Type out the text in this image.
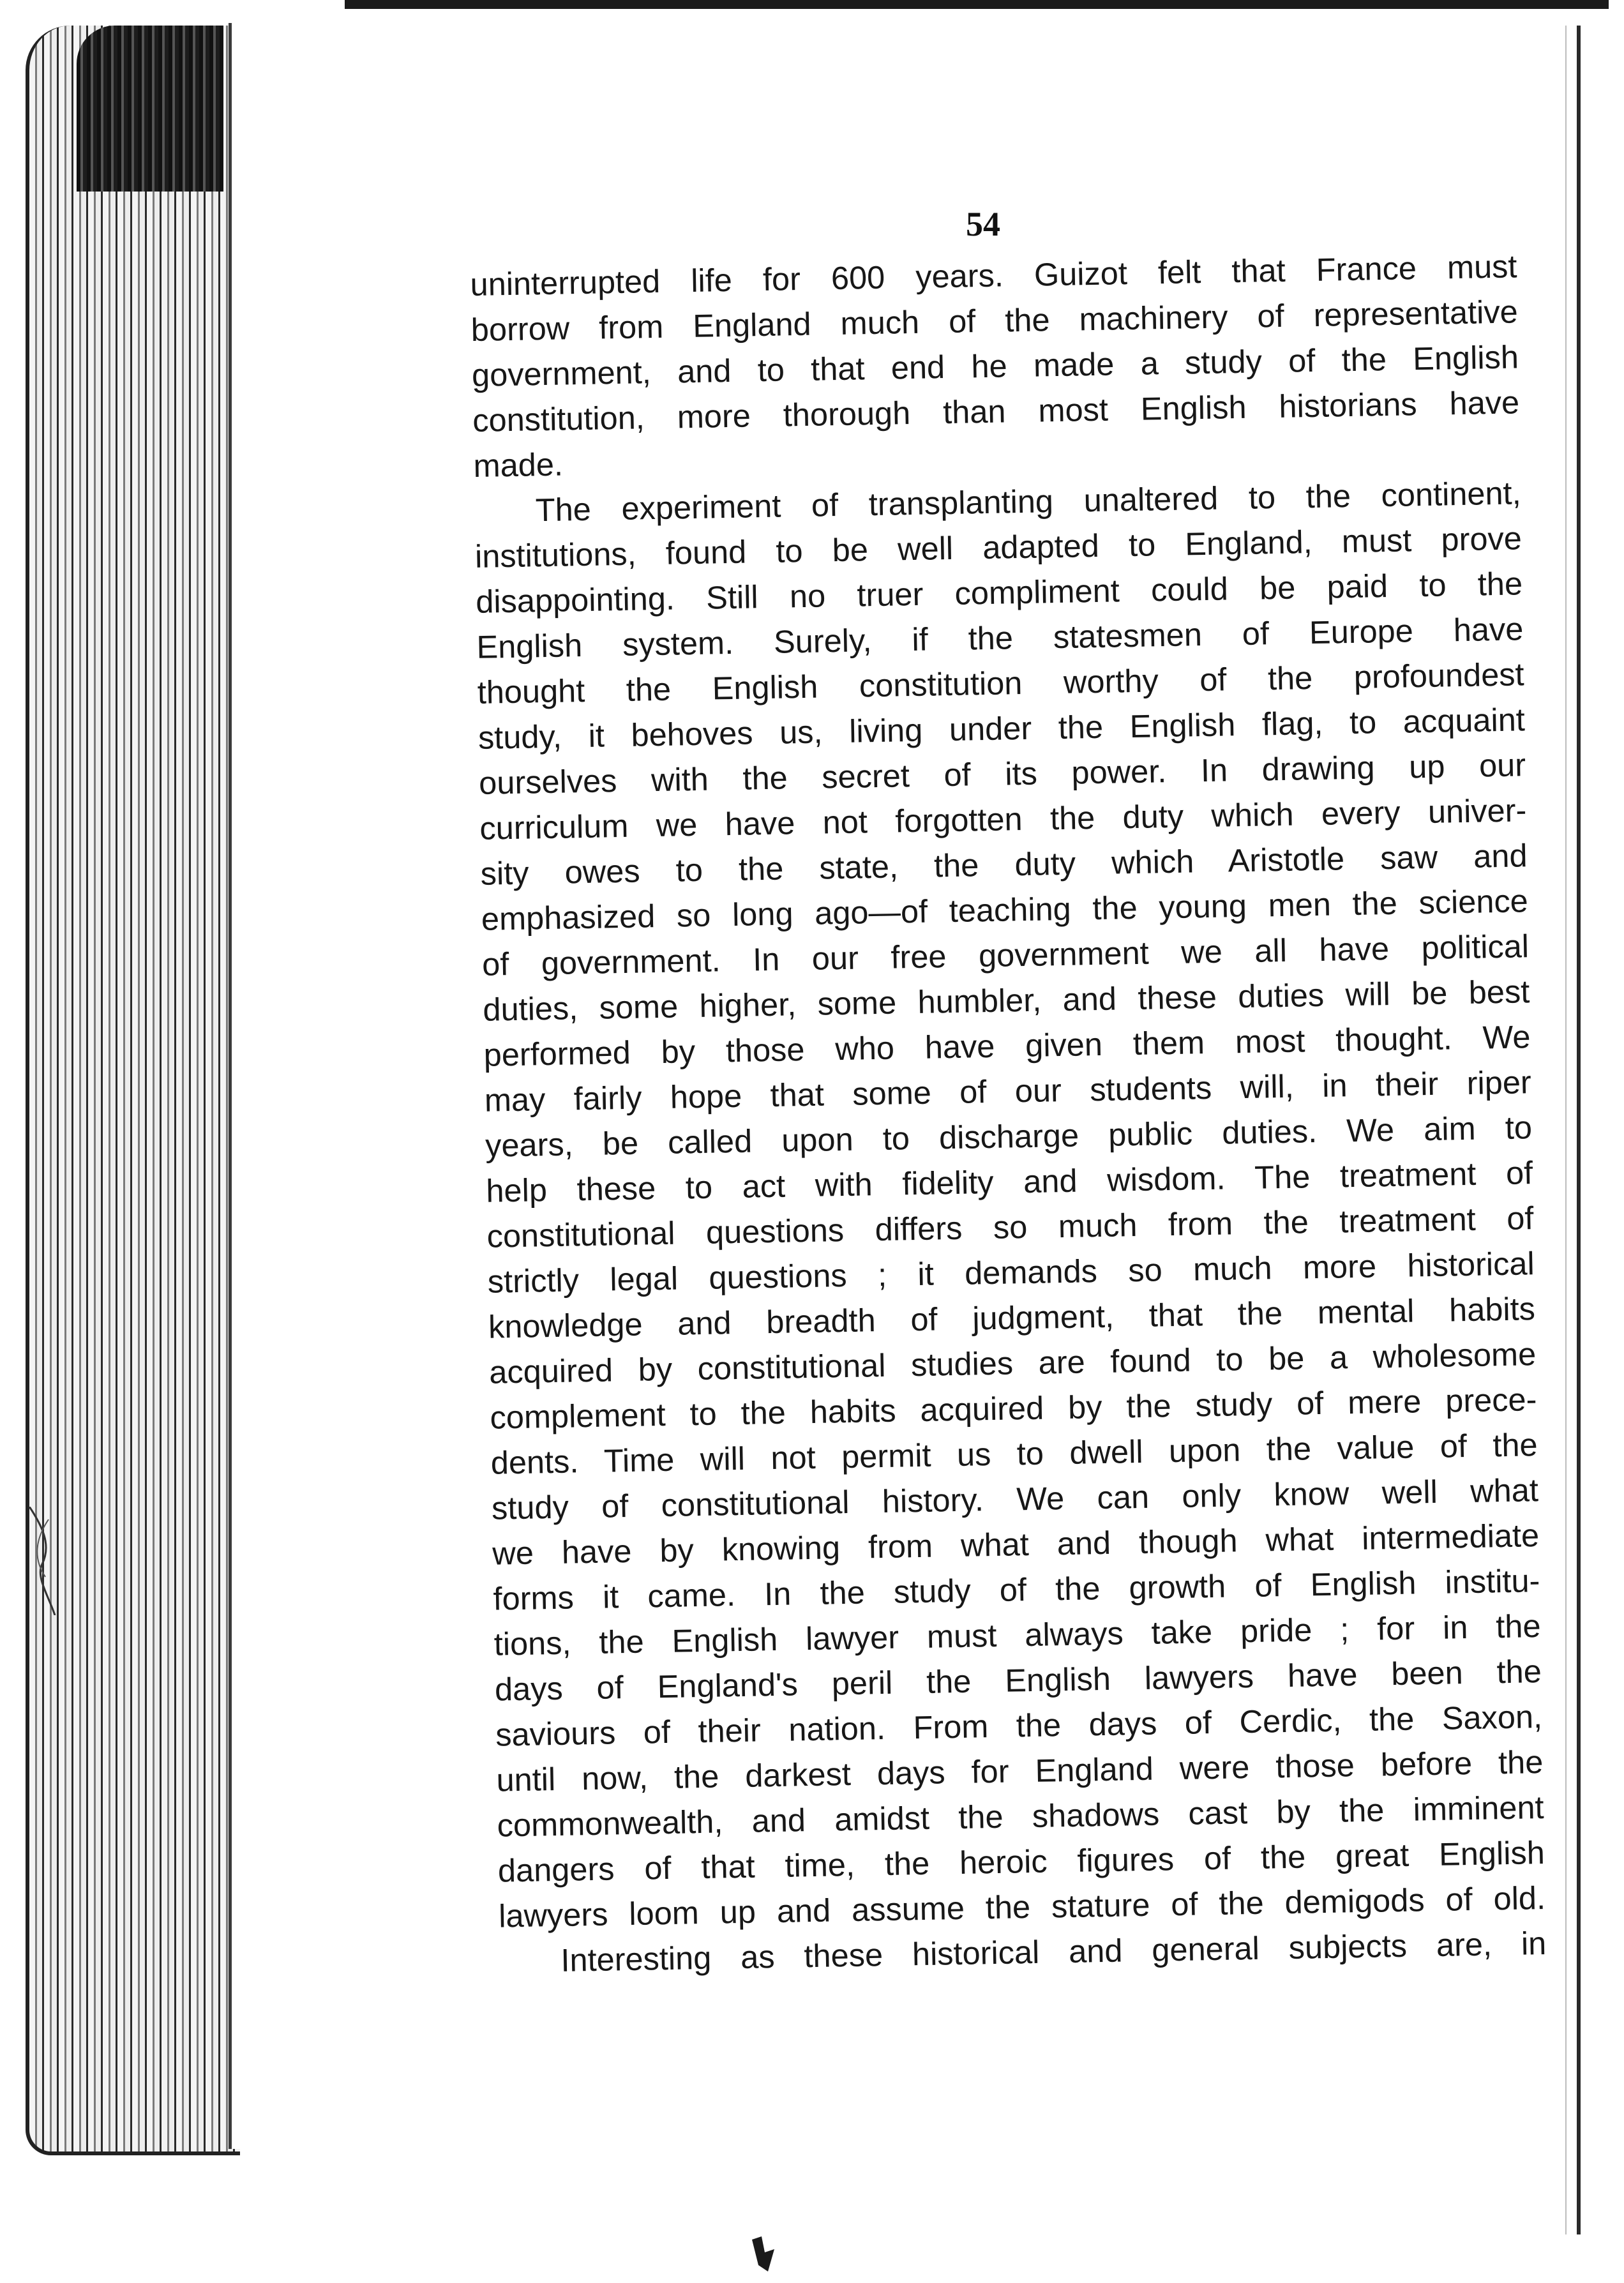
54
uninterrupted life for 600 years. Guizot felt that France must
borrow from England much of the machinery of representative
government, and to that end he made a study of the English
constitution, more thorough than most English historians have
made.
The experiment of transplanting unaltered to the continent,
institutions, found to be well adapted to England, must prove
disappointing. Still no truer compliment could be paid to the
English system. Surely, if the statesmen of Europe have
thought the English constitution worthy of the profoundest
study, it behoves us, living under the English flag, to acquaint
ourselves with the secret of its power. In drawing up our
curriculum we have not forgotten the duty which every univer-
sity owes to the state, the duty which Aristotle saw and
emphasized so long ago—of teaching the young men the science
of government. In our free government we all have political
duties, some higher, some humbler, and these duties will be best
performed by those who have given them most thought. We
may fairly hope that some of our students will, in their riper
years, be called upon to discharge public duties. We aim to
help these to act with fidelity and wisdom. The treatment of
constitutional questions differs so much from the treatment of
strictly legal questions ; it demands so much more historical
knowledge and breadth of judgment, that the mental habits
acquired by constitutional studies are found to be a wholesome
complement to the habits acquired by the study of mere prece-
dents. Time will not permit us to dwell upon the value of the
study of constitutional history. We can only know well what
we have by knowing from what and though what intermediate
forms it came. In the study of the growth of English institu-
tions, the English lawyer must always take pride ; for in the
days of England's peril the English lawyers have been the
saviours of their nation. From the days of Cerdic, the Saxon,
until now, the darkest days for England were those before the
commonwealth, and amidst the shadows cast by the imminent
dangers of that time, the heroic figures of the great English
lawyers loom up and assume the stature of the demigods of old.
Interesting as these historical and general subjects are, in
